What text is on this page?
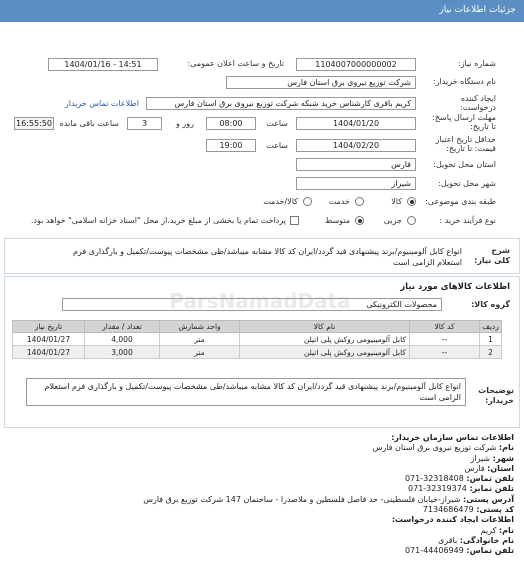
جزئیات اطلاعات نیاز
شماره نیاز:
1104007000000002
تاریخ و ساعت اعلان عمومی:
1404/01/16 - 14:51
نام دستگاه خریدار:
شرکت توزیع نیروی برق استان فارس
ایجاد کننده درخواست:
کریم باقری کارشناس خرید شبکه شرکت توزیع نیروی برق استان فارس
اطلاعات تماس خریدار
مهلت ارسال پاسخ: تا تاریخ:
1404/01/20
ساعت
08:00
روز و
3
ساعت باقی مانده
16:55:50
حداقل تاریخ اعتبار قیمت: تا تاریخ:
1404/02/20
ساعت
19:00
استان محل تحویل:
فارس
شهر محل تحویل:
شیراز
طبقه بندی موضوعی:
کالا
خدمت
کالا/خدمت
نوع فرآیند خرید :
جزیی
متوسط
پرداخت تمام یا بخشی از مبلغ خرید،از محل "اسناد خزانه اسلامی" خواهد بود.
شرح کلی نیاز:
انواع کابل آلومینیوم/برند پیشنهادی قید گردد/ایران کد کالا مشابه میباشد/طی مشخصات پیوست/تکمیل و بارگذاری فرم استعلام الزامی است
اطلاعات کالاهای مورد نیاز
گروه کالا:
محصولات الکترونیکی
ردیف	کد کالا	نام کالا	واحد شمارش	تعداد / مقدار	تاریخ نیاز
1	--	کابل آلومینیومی روکش پلی اتیلن	متر	4,000	1404/01/27
2	--	کابل آلومینیومی روکش پلی اتیلن	متر	3,000	1404/01/27
توضیحات خریدار:
انواع کابل آلومینیوم/برند پیشنهادی قید گردد/ایران کد کالا مشابه میباشد/طی مشخصات پیوست/تکمیل و بارگذاری فرم استعلام الزامی است
اطلاعات تماس سازمان خریدار:
نام: شرکت توزیع نیروی برق استان فارس
شهر: شیراز
استان: فارس
تلفن تماس: 071-32318408
تلفن نمابر: 071-32319374
آدرس پستی: شیراز-خیابان فلسطینی- حد فاصل فلسطین و ملاصدرا - ساختمان 147 شرکت توزیع برق فارس
کد پستی: 7134686479
اطلاعات ایجاد کننده درخواست:
نام: کریم
نام خانوادگی: باقری
تلفن تماس: 071-44406949
ParsNamadData
